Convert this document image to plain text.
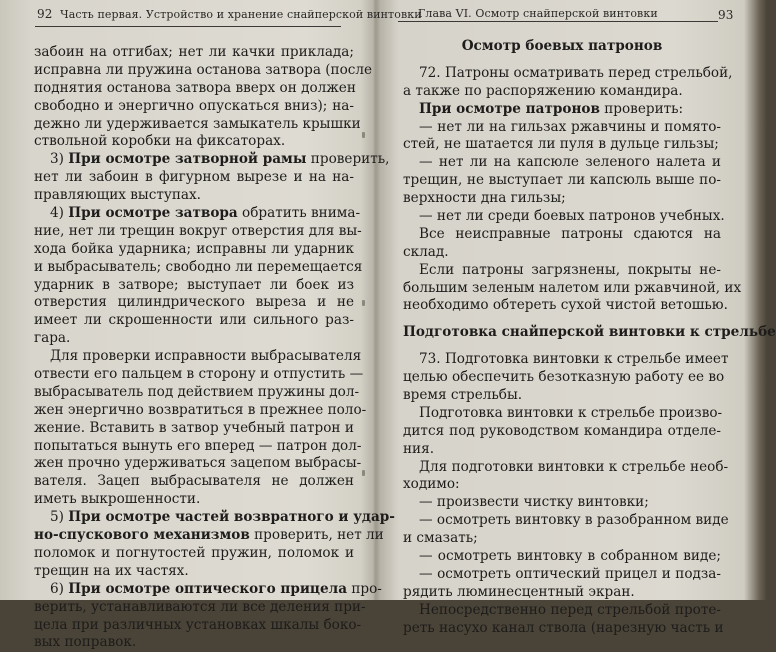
92 Часть первая. Устройство и хранение снайперской винтовки
забоин на отгибах; нет ли качки приклада;
исправна ли пружина останова затвора (после
поднятия останова затвора вверх он должен
свободно и энергично опускаться вниз); на-
дежно ли удерживается замыкатель крышки
ствольной коробки на фиксаторах.
3) При осмотре затворной рамы проверить,
нет ли забоин в фигурном вырезе и на на-
правляющих выступах.
4) При осмотре затвора обратить внима-
ние, нет ли трещин вокруг отверстия для вы-
хода бойка ударника; исправны ли ударник
и выбрасыватель; свободно ли перемещается
ударник в затворе; выступает ли боек из
отверстия цилиндрического выреза и не
имеет ли скрошенности или сильного раз-
гара.
Для проверки исправности выбрасывателя
отвести его пальцем в сторону и отпустить —
выбрасыватель под действием пружины дол-
жен энергично возвратиться в прежнее поло-
жение. Вставить в затвор учебный патрон и
попытаться вынуть его вперед — патрон дол-
жен прочно удерживаться зацепом выбрасы-
вателя. Зацеп выбрасывателя не должен
иметь выкрошенности.
5) При осмотре частей возвратного и удар-
но-спускового механизмов проверить, нет ли
поломок и погнутостей пружин, поломок и
трещин на их частях.
6) При осмотре оптического прицела про-
верить, устанавливаются ли все деления при-
цела при различных установках шкалы боко-
вых поправок.
Глава VI. Осмотр снайперской винтовки	93
Осмотр боевых патронов
72. Патроны осматривать перед стрельбой,
а также по распоряжению командира.
При осмотре патронов проверить:
— нет ли на гильзах ржавчины и помято-
стей, не шатается ли пуля в дульце гильзы;
— нет ли на капсюле зеленого налета и
трещин, не выступает ли капсюль выше по-
верхности дна гильзы;
— нет ли среди боевых патронов учебных.
Все неисправные патроны сдаются на
склад.
Если патроны загрязнены, покрыты не-
большим зеленым налетом или ржавчиной, их
необходимо обтереть сухой чистой ветошью.
Подготовка снайперской винтовки к стрельбе
73. Подготовка винтовки к стрельбе имеет
целью обеспечить безотказную работу ее во
время стрельбы.
Подготовка винтовки к стрельбе произво-
дится под руководством командира отделе-
ния.
Для подготовки винтовки к стрельбе необ-
ходимо:
— произвести чистку винтовки;
— осмотреть винтовку в разобранном виде
и смазать;
— осмотреть винтовку в собранном виде;
— осмотреть оптический прицел и подза-
рядить люминесцентный экран.
Непосредственно перед стрельбой проте-
реть насухо канал ствола (нарезную часть и
